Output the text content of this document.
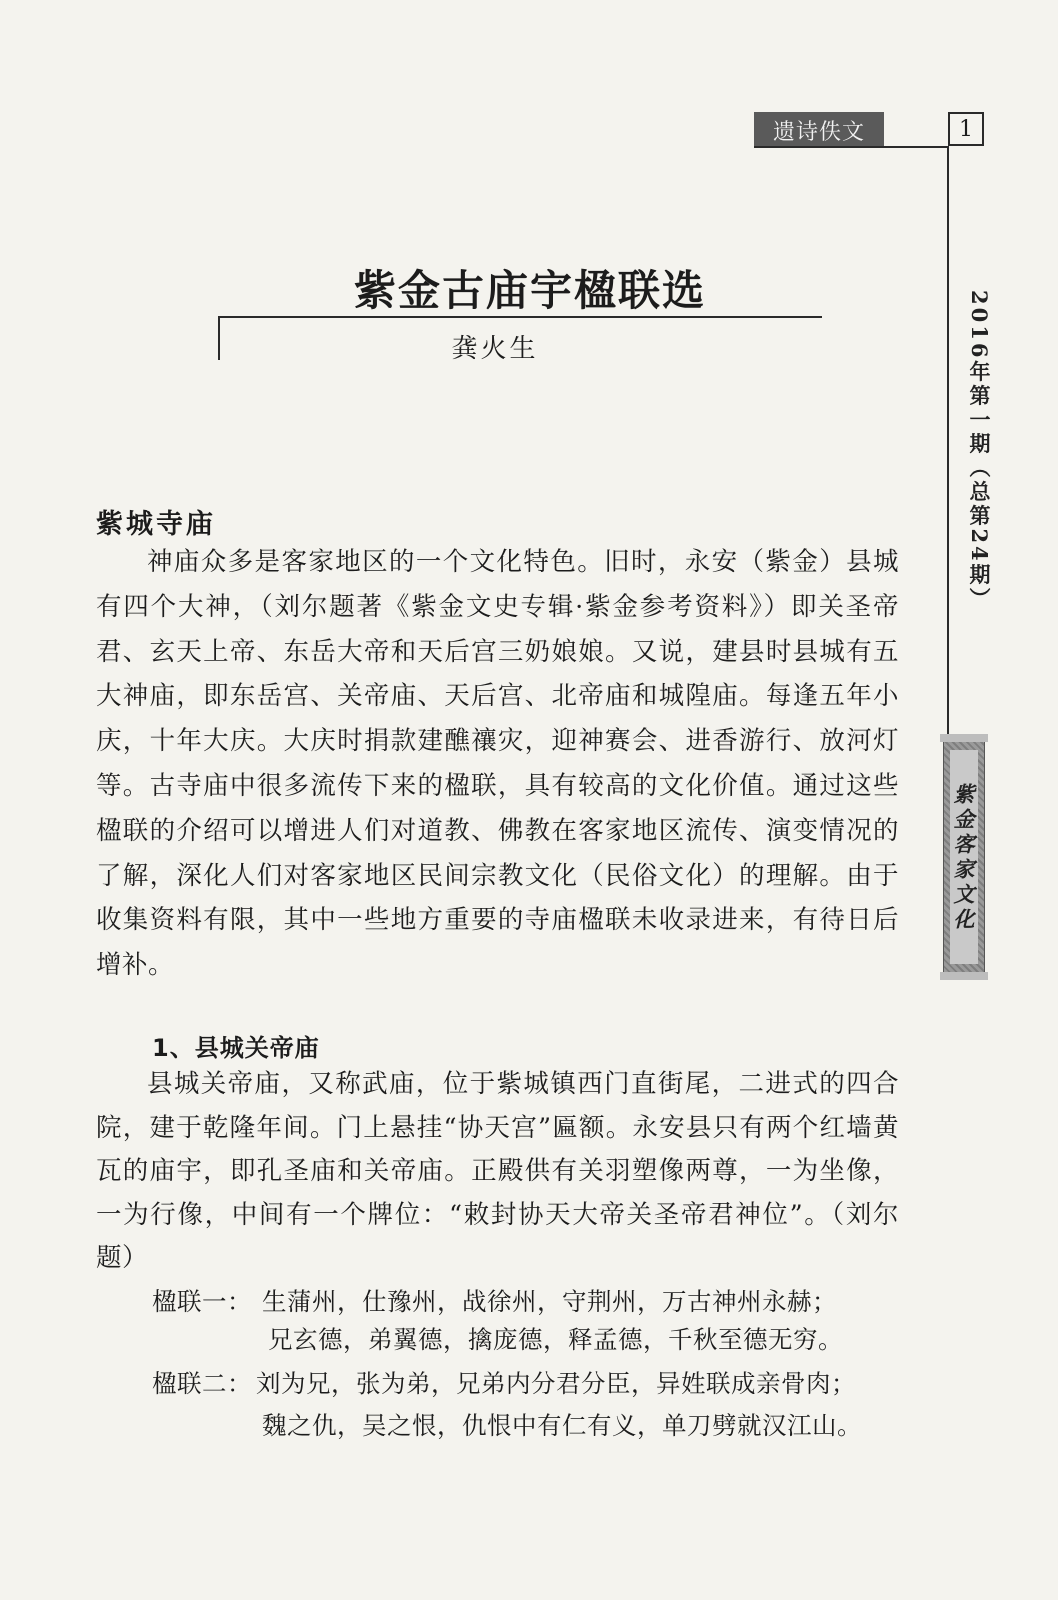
遗诗佚文	1
2016年第一期（总第24期）
紫金客家文化
紫金古庙宇楹联选
龚火生
紫城寺庙

神庙众多是客家地区的一个文化特色。旧时，永安（紫金）县城有四个大神，（刘尔题著《紫金文史专辑·紫金参考资料》）即关圣帝君、玄天上帝、东岳大帝和天后宫三奶娘娘。又说，建县时县城有五大神庙，即东岳宫、关帝庙、天后宫、北帝庙和城隍庙。每逢五年小庆，十年大庆。大庆时捐款建醮禳灾，迎神赛会、进香游行、放河灯等。古寺庙中很多流传下来的楹联，具有较高的文化价值。通过这些楹联的介绍可以增进人们对道教、佛教在客家地区流传、演变情况的了解，深化人们对客家地区民间宗教文化（民俗文化）的理解。由于收集资料有限，其中一些地方重要的寺庙楹联未收录进来，有待日后增补。

1、县城关帝庙

县城关帝庙，又称武庙，位于紫城镇西门直街尾，二进式的四合院，建于乾隆年间。门上悬挂“协天宫”匾额。永安县只有两个红墙黄瓦的庙宇，即孔圣庙和关帝庙。正殿供有关羽塑像两尊，一为坐像，一为行像，中间有一个牌位：“敕封协天大帝关圣帝君神位”。（刘尔题）

楹联一： 生蒲州，仕豫州，战徐州，守荆州，万古神州永赫；
兄玄德，弟翼德，擒庞德，释孟德，千秋至德无穷。
楹联二： 刘为兄，张为弟，兄弟内分君分臣，异姓联成亲骨肉；
魏之仇，吴之恨，仇恨中有仁有义，单刀劈就汉江山。
